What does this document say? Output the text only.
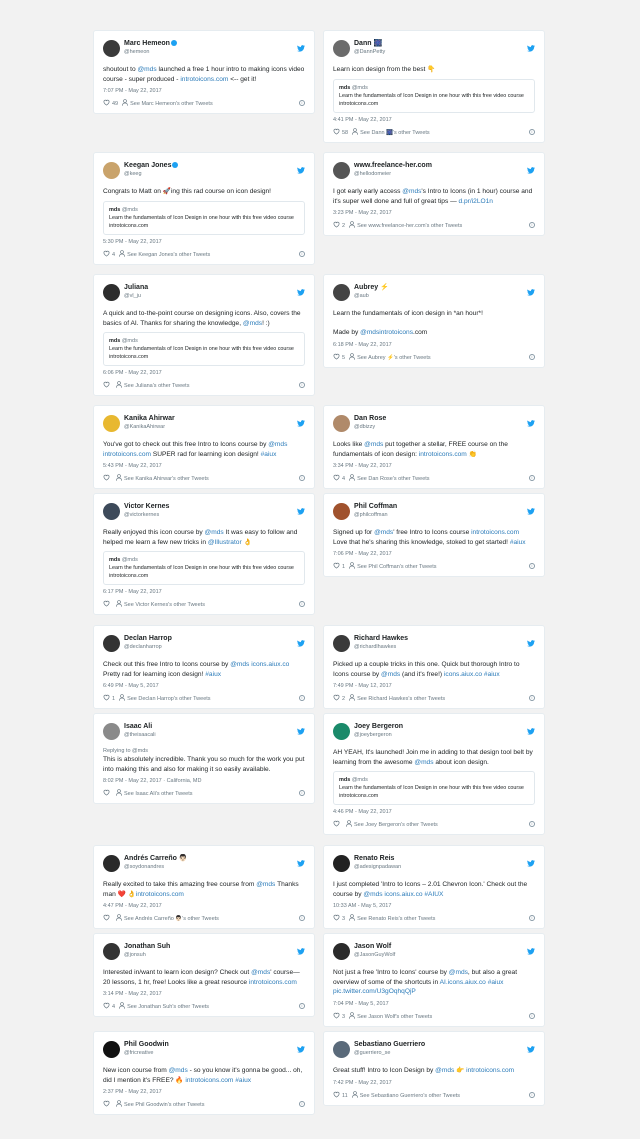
Marc Hemeon
@hemeon
shoutout to @mds launched a free 1 hour intro to making icons video course - super produced - introtoicons.com <-- get it!
7:07 PM - May 22, 2017
49 See Marc Hemeon's other Tweets	i
Keegan Jones
@keeg
Congrats to Matt on 🚀ing this rad course on icon design!
mds @mds
Learn the fundamentals of Icon Design in one hour with this free video course introtoicons.com
5:30 PM - May 22, 2017
4 See Keegan Jones's other Tweets	i
Juliana
@vl_ju
A quick and to-the-point course on designing icons. Also, covers the basics of AI. Thanks for sharing the knowledge, @mds! :)
mds @mds
Learn the fundamentals of Icon Design in one hour with this free video course introtoicons.com
6:06 PM - May 22, 2017
See Juliana's other Tweets	i
Kanika Ahirwar
@KanikaAhirwar
You've got to check out this free Intro to Icons course by @mds introtoicons.com SUPER rad for learning icon design! #aiux
5:43 PM - May 22, 2017
See Kanika Ahirwar's other Tweets	i
Victor Kernes
@victorkernes
Really enjoyed this icon course by @mds It was easy to follow and helped me learn a few new tricks in @Illustrator 👌
mds @mds
Learn the fundamentals of Icon Design in one hour with this free video course introtoicons.com
6:17 PM - May 22, 2017
See Victor Kernes's other Tweets	i
Declan Harrop
@declanharrop
Check out this free Intro to Icons course by @mds icons.aiux.co Pretty rad for learning icon design! #aiux
6:49 PM - May 5, 2017
1 See Declan Harrop's other Tweets	i
Isaac Ali
@theisaacali
Replying to @mds
This is absolutely incredible. Thank you so much for the work you put into making this and also for making it so easily available.
8:02 PM - May 22, 2017 · California, MD
See Isaac Ali's other Tweets	i
Andrés Carreño 👨🏻
@soydonandres
Really excited to take this amazing free course from @mds Thanks man ❤️ 👌introtoicons.com
4:47 PM - May 22, 2017
See Andrés Carreño 👨🏻's other Tweets	i
Jonathan Suh
@jonsuh
Interested in/want to learn icon design? Check out @mds' course—20 lessons, 1 hr, free! Looks like a great resource introtoicons.com
3:14 PM - May 22, 2017
4 See Jonathan Suh's other Tweets	i
Phil Goodwin
@fricreative
New icon course from @mds - so you know it's gonna be good... oh, did I mention it's FREE? 🔥 introtoicons.com #aiux
2:37 PM - May 22, 2017
See Phil Goodwin's other Tweets	i
Dann 🎆
@DannPetty
Learn icon design from the best 👇
mds @mds
Learn the fundamentals of Icon Design in one hour with this free video course introtoicons.com
4:41 PM - May 22, 2017
58 See Dann 🎆's other Tweets	i
www.freelance-her.com
@hellodomeier
I got early early access @mds's Intro to Icons (in 1 hour) course and it's super well done and full of great tips — d.pr/i2LO1n
3:23 PM - May 22, 2017
2 See www.freelance-her.com's other Tweets	i
Aubrey ⚡
@aub
Learn the fundamentals of icon design in *an hour*!

Made by @mdsintrotoicons.com
6:18 PM - May 22, 2017
5 See Aubrey ⚡'s other Tweets	i
Dan Rose
@dbizzy
Looks like @mds put together a stellar, FREE course on the fundamentals of icon design: introtoicons.com 👏
3:34 PM - May 22, 2017
4 See Dan Rose's other Tweets	i
Phil Coffman
@philcoffman
Signed up for @mds' free Intro to Icons course introtoicons.com Love that he's sharing this knowledge, stoked to get started! #aiux
7:06 PM - May 22, 2017
1 See Phil Coffman's other Tweets	i
Richard Hawkes
@richardlhawkes
Picked up a couple tricks in this one. Quick but thorough Intro to Icons course by @mds (and it's free!) icons.aiux.co #aiux
7:49 PM - May 12, 2017
2 See Richard Hawkes's other Tweets	i
Joey Bergeron
@joeybergeron
AH YEAH, It's launched! Join me in adding to that design tool belt by learning from the awesome @mds about icon design.
mds @mds
Learn the fundamentals of Icon Design in one hour with this free video course introtoicons.com
4:46 PM - May 22, 2017
See Joey Bergeron's other Tweets	i
Renato Reis
@adesignpadawan
I just completed 'Intro to Icons – 2.01 Chevron Icon.' Check out the course by @mds icons.aiux.co #AIUX
10:33 AM - May 5, 2017
3 See Renato Reis's other Tweets	i
Jason Wolf
@JasonGuyWolf
Not just a free 'Intro to Icons' course by @mds, but also a great overview of some of the shortcuts in AI.icons.aiux.co #aiux pic.twitter.com/U3gOqhqQjP
7:04 PM - May 5, 2017
3 See Jason Wolf's other Tweets	i
Sebastiano Guerriero
@guerriero_se
Great stuff! Intro to Icon Design by @mds 👉 introtoicons.com
7:42 PM - May 22, 2017
11 See Sebastiano Guerriero's other Tweets	i
